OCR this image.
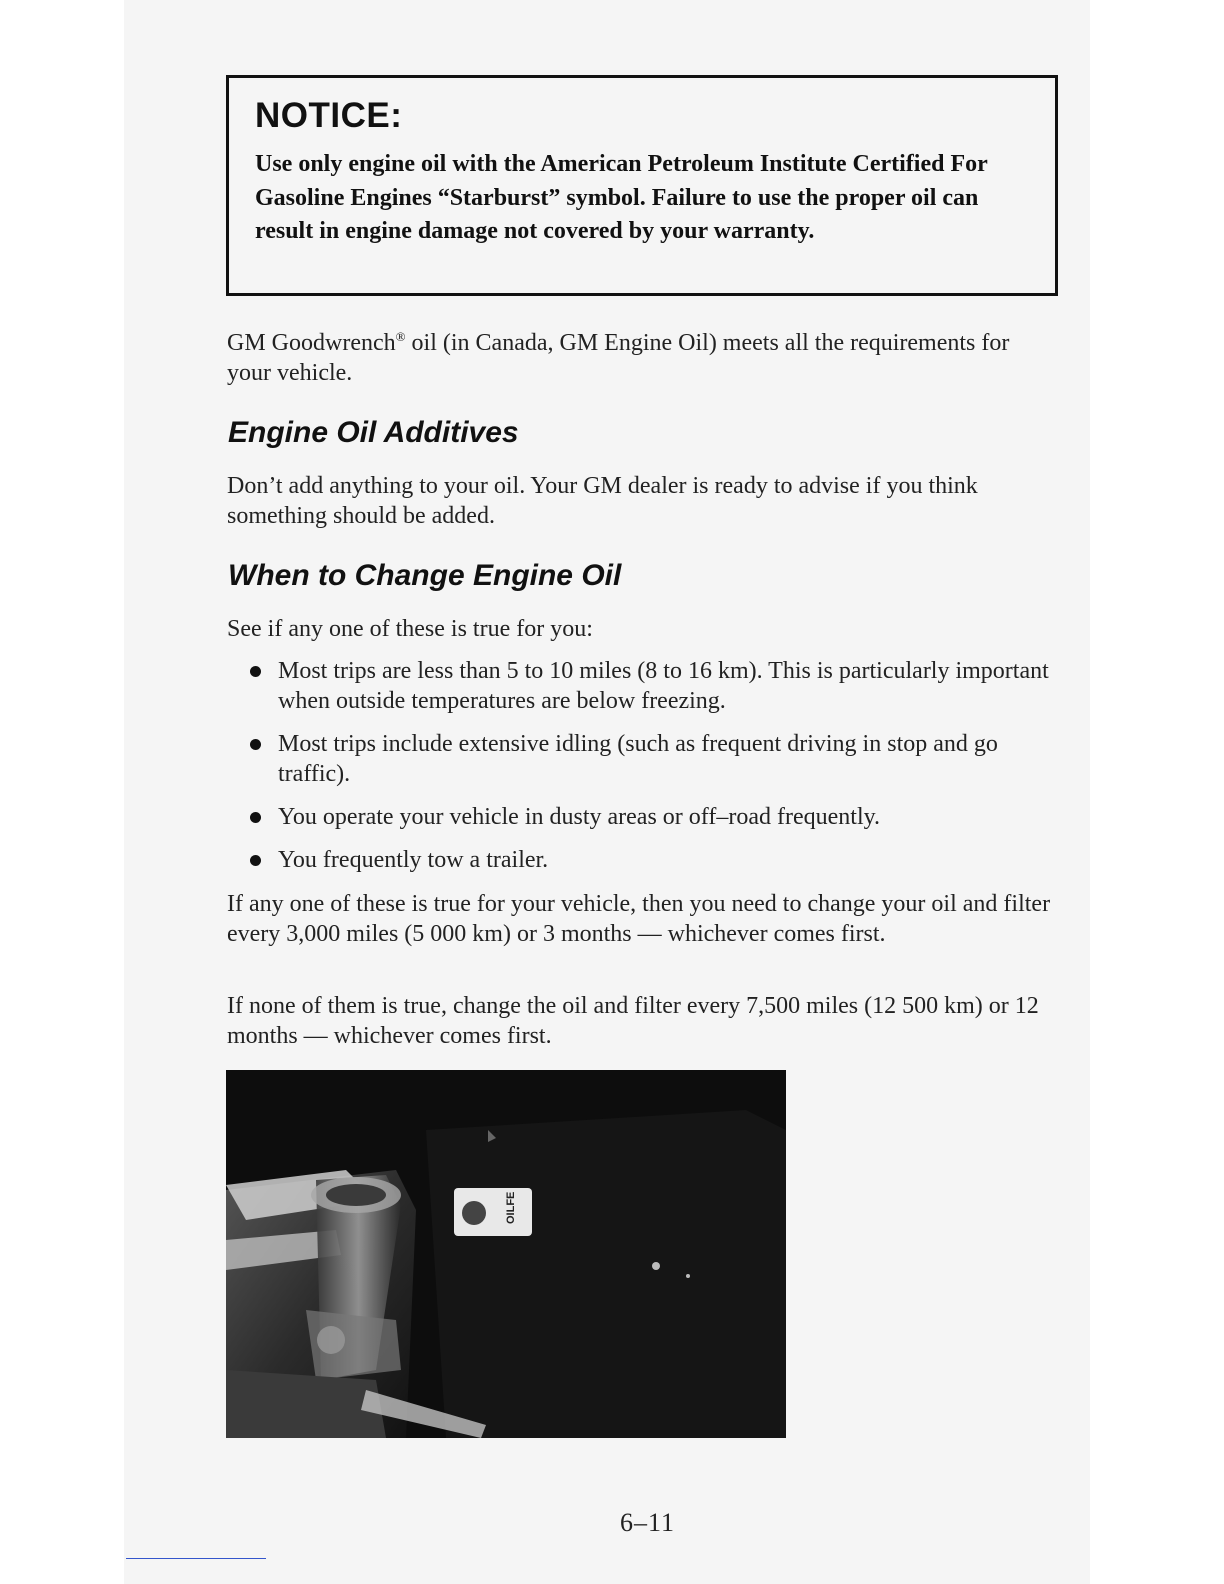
NOTICE:
Use only engine oil with the American Petroleum Institute Certified For Gasoline Engines “Starburst” symbol. Failure to use the proper oil can result in engine damage not covered by your warranty.

GM Goodwrench® oil (in Canada, GM Engine Oil) meets all the requirements for your vehicle.

Engine Oil Additives

Don’t add anything to your oil. Your GM dealer is ready to advise if you think something should be added.

When to Change Engine Oil

See if any one of these is true for you:

Most trips are less than 5 to 10 miles (8 to 16 km). This is particularly important when outside temperatures are below freezing.
Most trips include extensive idling (such as frequent driving in stop and go traffic).
You operate your vehicle in dusty areas or off–road frequently.
You frequently tow a trailer.

If any one of these is true for your vehicle, then you need to change your oil and filter every 3,000 miles (5 000 km) or 3 months — whichever comes first.

If none of them is true, change the oil and filter every 7,500 miles (12 500 km) or 12 months — whichever comes first.

OILFE
6–11
